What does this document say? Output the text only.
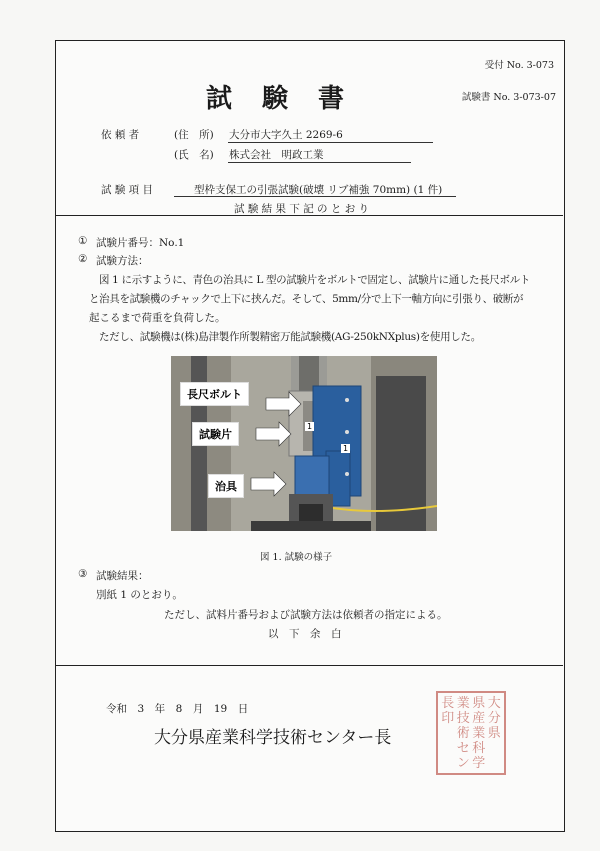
受付 No. 3-073
試験書	試験書 No. 3-073-07
依 頼 者	(住　所) 大分市大字久土 2269-6
(氏　名) 株式会社　明政工業
試 験 項 目	型枠支保工の引張試験(破壊 リブ補強 70mm) (1 件)
試 験 結 果 下 記 の と お り
① 試験片番号：No.1
② 試験方法：
図 1 に示すように、青色の治具に L 型の試験片をボルトで固定し、試験片に通した長尺ボルト
と治具を試験機のチャックで上下に挟んだ。そして、5mm/分で上下一軸方向に引張り、破断が
起こるまで荷重を負荷した。
ただし、試験機は(株)島津製作所製精密万能試験機(AG-250kNXplus)を使用した。
長尺ボルト
試験片
治具
1
1
図 1. 試験の様子
③ 試験結果：
別紙 1 のとおり。
ただし、試料片番号および試験方法は依頼者の指定による。
以　下　余　白
令和　3　年　8　月　19　日
大分県産業科学技術センター長
長 業 県 大
印 技 産 分

術 業 県

セ 科

ン 学
